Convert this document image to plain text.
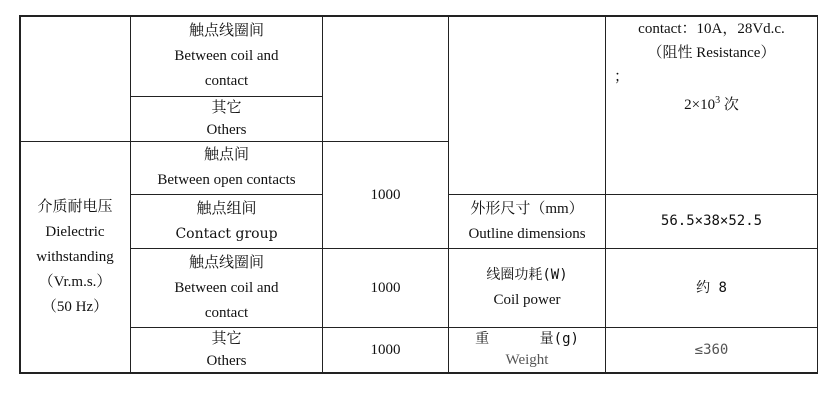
触点线圈间
Between coil and
contact
其它
Others
介质耐电压
Dielectric
withstanding
（Vr.m.s.）
（50 Hz）
触点间
Between open contacts
触点组间
Contact group
1000
触点线圈间
Between coil and
contact
1000
其它
Others
1000
contact：10A，28Vd.c.
（阻性 Resistance）
；
$2\times 10^3$ 次
外形尺寸（mm）
Outline dimensions
56.5×38×52.5
线圈功耗(W)
Coil power
约 8
重      量(g)
Weight
≤360
